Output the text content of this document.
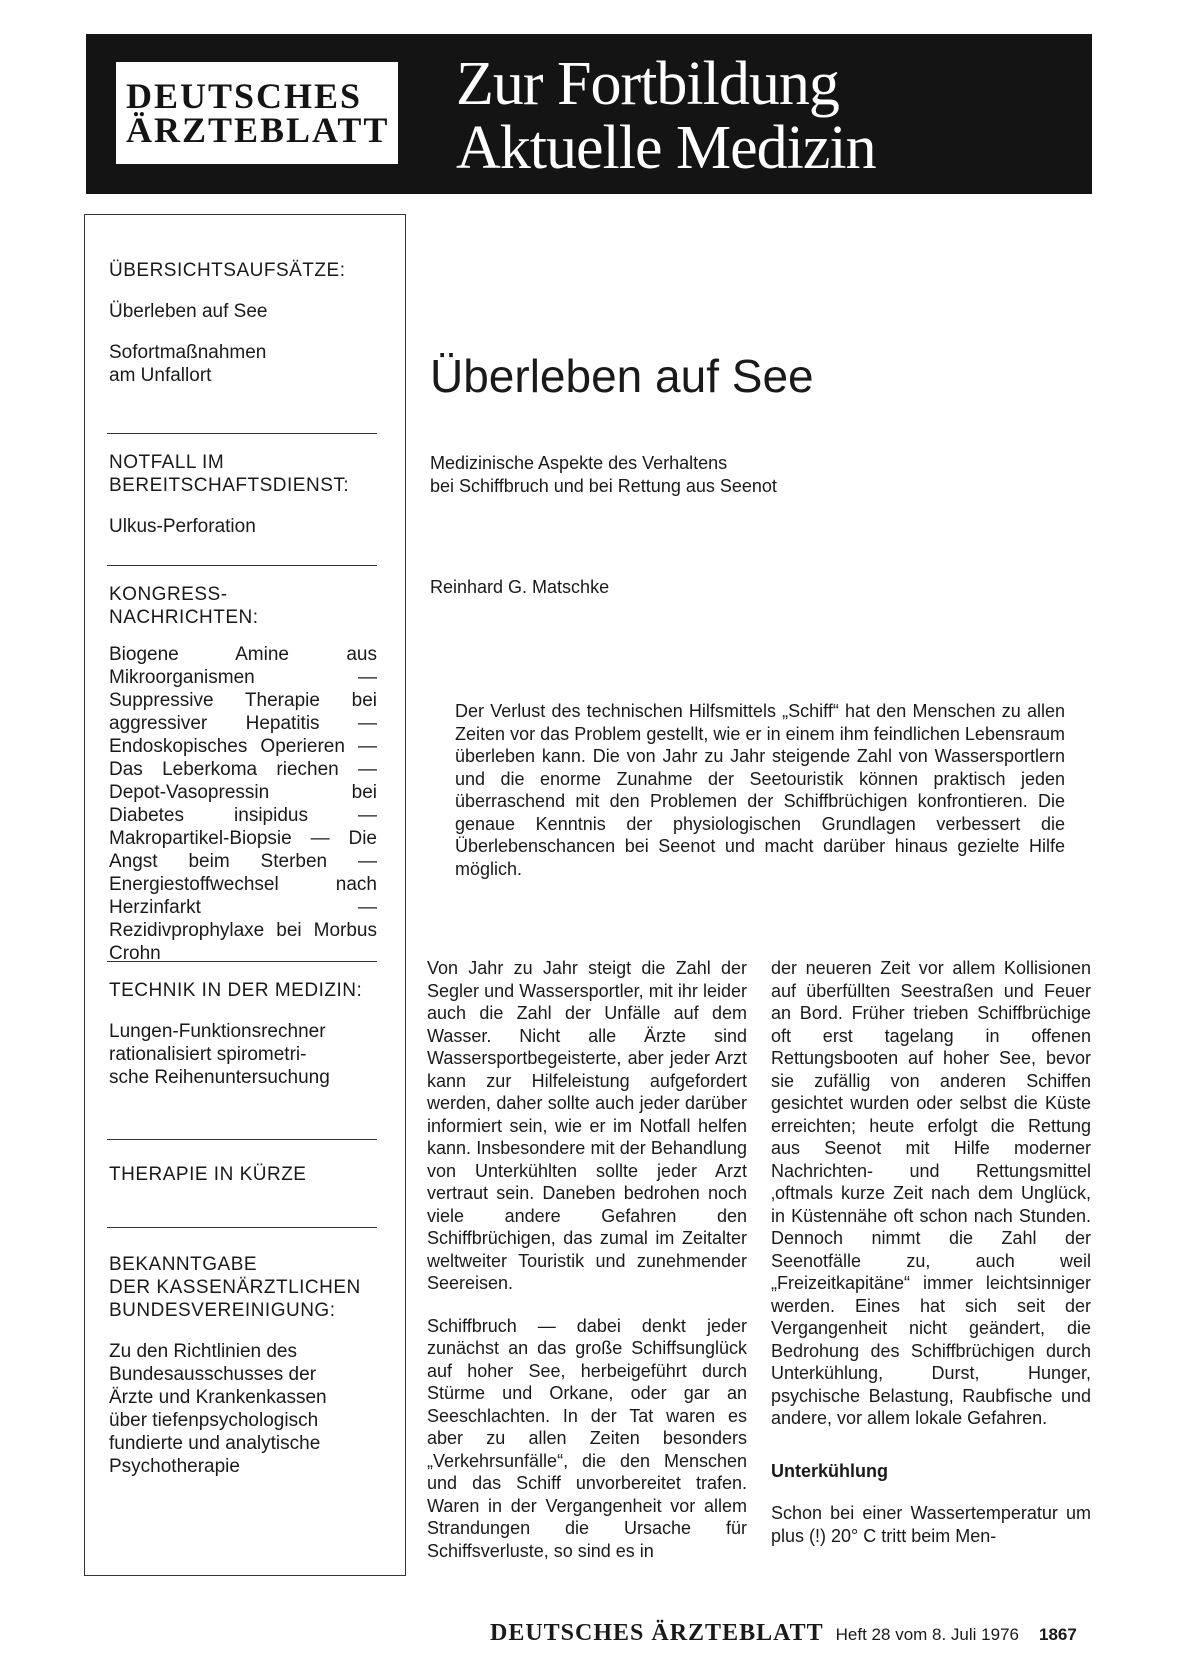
DEUTSCHES
ÄRZTEBLATT
Zur Fortbildung
Aktuelle Medizin
ÜBERSICHTSAUFSÄTZE:
Überleben auf See
Sofortmaßnahmen
am Unfallort
NOTFALL IM
BEREITSCHAFTSDIENST:
Ulkus-Perforation
KONGRESS-
NACHRICHTEN:
Biogene Amine aus Mikroorganismen — Suppressive Therapie bei aggressiver Hepatitis — Endoskopisches Operieren — Das Leberkoma riechen — Depot-Vasopressin bei Diabetes insipidus — Makropartikel-Biopsie — Die Angst beim Sterben — Energiestoffwechsel nach Herzinfarkt — Rezidivprophylaxe bei Morbus Crohn
TECHNIK IN DER MEDIZIN:
Lungen-Funktionsrechner
rationalisiert spirometri-
sche Reihenuntersuchung
THERAPIE IN KÜRZE
BEKANNTGABE
DER KASSENÄRZTLICHEN
BUNDESVEREINIGUNG:
Zu den Richtlinien des
Bundesausschusses der
Ärzte und Krankenkassen
über tiefenpsychologisch
fundierte und analytische
Psychotherapie
Überleben auf See
Medizinische Aspekte des Verhaltens
bei Schiffbruch und bei Rettung aus Seenot
Reinhard G. Matschke
Der Verlust des technischen Hilfsmittels „Schiff“ hat den Menschen zu allen Zeiten vor das Problem gestellt, wie er in einem ihm feindlichen Lebensraum überleben kann. Die von Jahr zu Jahr steigende Zahl von Wassersportlern und die enorme Zunahme der Seetouristik können praktisch jeden überraschend mit den Problemen der Schiffbrüchigen konfrontieren. Die genaue Kenntnis der physiologischen Grundlagen verbessert die Überlebenschancen bei Seenot und macht darüber hinaus gezielte Hilfe möglich.

Von Jahr zu Jahr steigt die Zahl der Segler und Wassersportler, mit ihr leider auch die Zahl der Unfälle auf dem Wasser. Nicht alle Ärzte sind Wassersportbegeisterte, aber jeder Arzt kann zur Hilfeleistung aufgefordert werden, daher sollte auch jeder darüber informiert sein, wie er im Notfall helfen kann. Insbesondere mit der Behandlung von Unterkühlten sollte jeder Arzt vertraut sein. Daneben bedrohen noch viele andere Gefahren den Schiffbrüchigen, das zumal im Zeitalter weltweiter Touristik und zunehmender Seereisen.

Schiffbruch — dabei denkt jeder zunächst an das große Schiffsunglück auf hoher See, herbeigeführt durch Stürme und Orkane, oder gar an Seeschlachten. In der Tat waren es aber zu allen Zeiten besonders „Verkehrsunfälle“, die den Menschen und das Schiff unvorbereitet trafen. Waren in der Vergangenheit vor allem Strandungen die Ursache für Schiffsverluste, so sind es in

der neueren Zeit vor allem Kollisionen auf überfüllten Seestraßen und Feuer an Bord. Früher trieben Schiffbrüchige oft erst tagelang in offenen Rettungsbooten auf hoher See, bevor sie zufällig von anderen Schiffen gesichtet wurden oder selbst die Küste erreichten; heute erfolgt die Rettung aus Seenot mit Hilfe moderner Nachrichten- und Rettungsmittel ‚oftmals kurze Zeit nach dem Unglück, in Küstennähe oft schon nach Stunden. Dennoch nimmt die Zahl der Seenotfälle zu, auch weil „Freizeitkapitäne“ immer leichtsinniger werden. Eines hat sich seit der Vergangenheit nicht geändert, die Bedrohung des Schiffbrüchigen durch Unterkühlung, Durst, Hunger, psychische Belastung, Raubfische und andere, vor allem lokale Gefahren.

Unterkühlung

Schon bei einer Wassertemperatur um plus (!) 20° C tritt beim Men-

DEUTSCHES ÄRZTEBLATT Heft 28 vom 8. Juli 1976 1867
